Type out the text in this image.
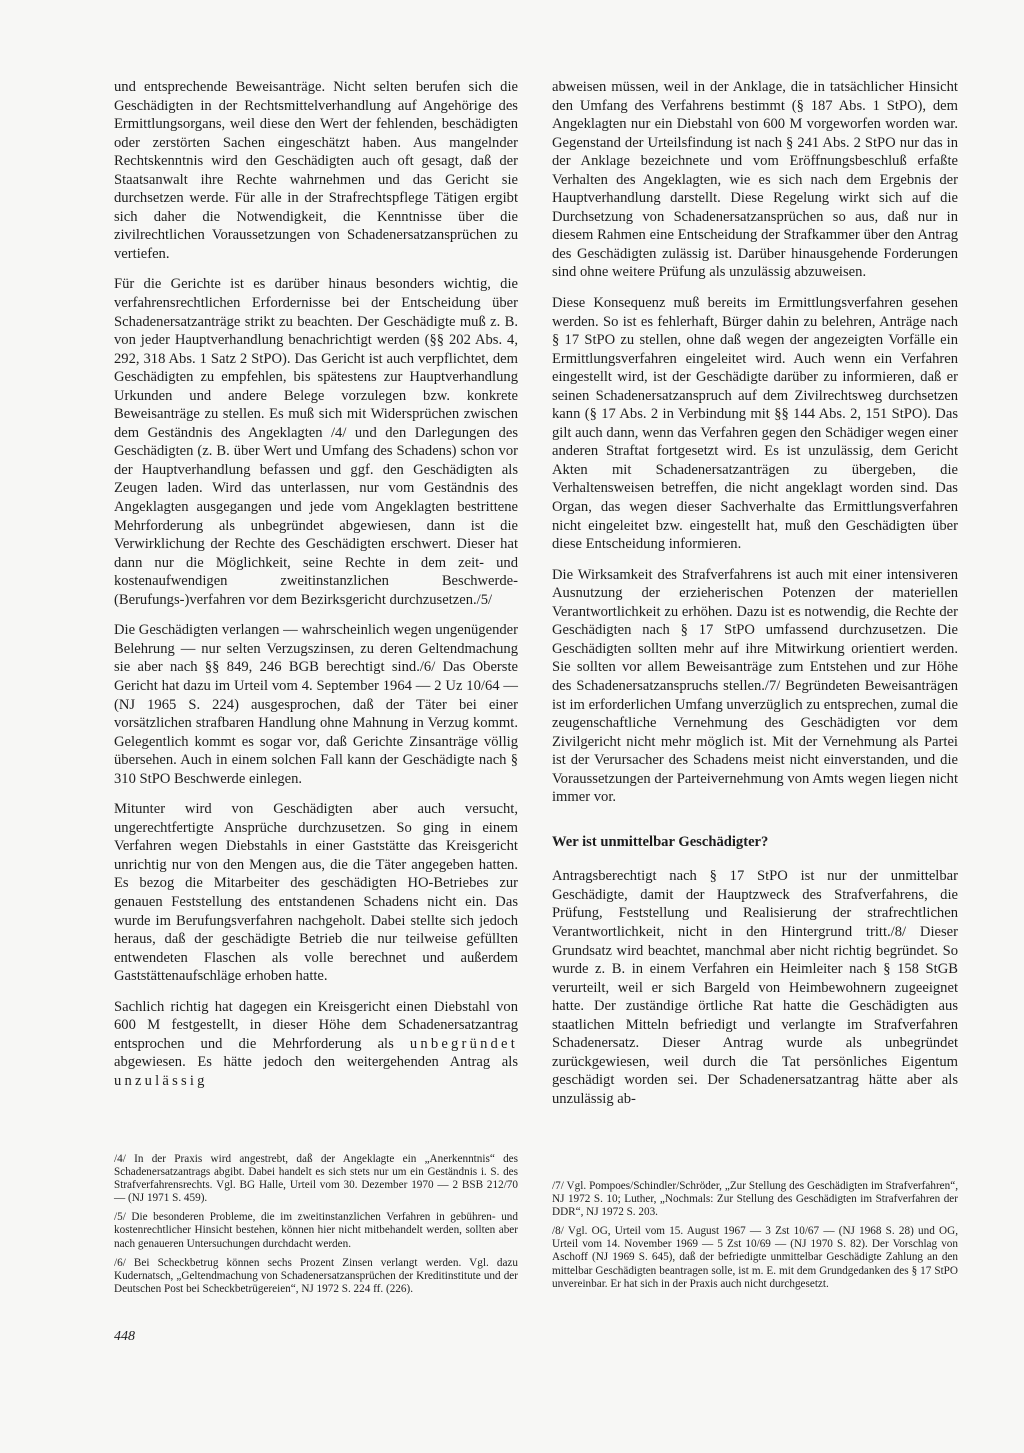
und entsprechende Beweisanträge. Nicht selten berufen sich die Geschädigten in der Rechtsmittelverhandlung auf Angehörige des Ermittlungsorgans, weil diese den Wert der fehlenden, beschädigten oder zerstörten Sachen eingeschätzt haben. Aus mangelnder Rechtskenntnis wird den Geschädigten auch oft gesagt, daß der Staatsanwalt ihre Rechte wahrnehmen und das Gericht sie durchsetzen werde. Für alle in der Strafrechtspflege Tätigen ergibt sich daher die Notwendigkeit, die Kenntnisse über die zivilrechtlichen Voraussetzungen von Schadenersatzansprüchen zu vertiefen.

Für die Gerichte ist es darüber hinaus besonders wichtig, die verfahrensrechtlichen Erfordernisse bei der Entscheidung über Schadenersatzanträge strikt zu beachten. Der Geschädigte muß z. B. von jeder Hauptverhandlung benachrichtigt werden (§§ 202 Abs. 4, 292, 318 Abs. 1 Satz 2 StPO). Das Gericht ist auch verpflichtet, dem Geschädigten zu empfehlen, bis spätestens zur Hauptverhandlung Urkunden und andere Belege vorzulegen bzw. konkrete Beweisanträge zu stellen. Es muß sich mit Widersprüchen zwischen dem Geständnis des Angeklagten /4/ und den Darlegungen des Geschädigten (z. B. über Wert und Umfang des Schadens) schon vor der Hauptverhandlung befassen und ggf. den Geschädigten als Zeugen laden. Wird das unterlassen, nur vom Geständnis des Angeklagten ausgegangen und jede vom Angeklagten bestrittene Mehrforderung als unbegründet abgewiesen, dann ist die Verwirklichung der Rechte des Geschädigten erschwert. Dieser hat dann nur die Möglichkeit, seine Rechte in dem zeit- und kostenaufwendigen zweitinstanzlichen Beschwerde-(Berufungs-)verfahren vor dem Bezirksgericht durchzusetzen./5/

Die Geschädigten verlangen — wahrscheinlich wegen ungenügender Belehrung — nur selten Verzugszinsen, zu deren Geltendmachung sie aber nach §§ 849, 246 BGB berechtigt sind./6/ Das Oberste Gericht hat dazu im Urteil vom 4. September 1964 — 2 Uz 10/64 — (NJ 1965 S. 224) ausgesprochen, daß der Täter bei einer vorsätzlichen strafbaren Handlung ohne Mahnung in Verzug kommt. Gelegentlich kommt es sogar vor, daß Gerichte Zinsanträge völlig übersehen. Auch in einem solchen Fall kann der Geschädigte nach § 310 StPO Beschwerde einlegen.

Mitunter wird von Geschädigten aber auch versucht, ungerechtfertigte Ansprüche durchzusetzen. So ging in einem Verfahren wegen Diebstahls in einer Gaststätte das Kreisgericht unrichtig nur von den Mengen aus, die die Täter angegeben hatten. Es bezog die Mitarbeiter des geschädigten HO-Betriebes zur genauen Feststellung des entstandenen Schadens nicht ein. Das wurde im Berufungsverfahren nachgeholt. Dabei stellte sich jedoch heraus, daß der geschädigte Betrieb die nur teilweise gefüllten entwendeten Flaschen als volle berechnet und außerdem Gaststättenaufschläge erhoben hatte.

Sachlich richtig hat dagegen ein Kreisgericht einen Diebstahl von 600 M festgestellt, in dieser Höhe dem Schadenersatzantrag entsprochen und die Mehrforderung als unbegründet abgewiesen. Es hätte jedoch den weitergehenden Antrag als unzulässig

abweisen müssen, weil in der Anklage, die in tatsächlicher Hinsicht den Umfang des Verfahrens bestimmt (§ 187 Abs. 1 StPO), dem Angeklagten nur ein Diebstahl von 600 M vorgeworfen worden war. Gegenstand der Urteilsfindung ist nach § 241 Abs. 2 StPO nur das in der Anklage bezeichnete und vom Eröffnungsbeschluß erfaßte Verhalten des Angeklagten, wie es sich nach dem Ergebnis der Hauptverhandlung darstellt. Diese Regelung wirkt sich auf die Durchsetzung von Schadenersatzansprüchen so aus, daß nur in diesem Rahmen eine Entscheidung der Strafkammer über den Antrag des Geschädigten zulässig ist. Darüber hinausgehende Forderungen sind ohne weitere Prüfung als unzulässig abzuweisen.

Diese Konsequenz muß bereits im Ermittlungsverfahren gesehen werden. So ist es fehlerhaft, Bürger dahin zu belehren, Anträge nach § 17 StPO zu stellen, ohne daß wegen der angezeigten Vorfälle ein Ermittlungsverfahren eingeleitet wird. Auch wenn ein Verfahren eingestellt wird, ist der Geschädigte darüber zu informieren, daß er seinen Schadenersatzanspruch auf dem Zivilrechtsweg durchsetzen kann (§ 17 Abs. 2 in Verbindung mit §§ 144 Abs. 2, 151 StPO). Das gilt auch dann, wenn das Verfahren gegen den Schädiger wegen einer anderen Straftat fortgesetzt wird. Es ist unzulässig, dem Gericht Akten mit Schadenersatzanträgen zu übergeben, die Verhaltensweisen betreffen, die nicht angeklagt worden sind. Das Organ, das wegen dieser Sachverhalte das Ermittlungsverfahren nicht eingeleitet bzw. eingestellt hat, muß den Geschädigten über diese Entscheidung informieren.

Die Wirksamkeit des Strafverfahrens ist auch mit einer intensiveren Ausnutzung der erzieherischen Potenzen der materiellen Verantwortlichkeit zu erhöhen. Dazu ist es notwendig, die Rechte der Geschädigten nach § 17 StPO umfassend durchzusetzen. Die Geschädigten sollten mehr auf ihre Mitwirkung orientiert werden. Sie sollten vor allem Beweisanträge zum Entstehen und zur Höhe des Schadenersatzanspruchs stellen./7/ Begründeten Beweisanträgen ist im erforderlichen Umfang unverzüglich zu entsprechen, zumal die zeugenschaftliche Vernehmung des Geschädigten vor dem Zivilgericht nicht mehr möglich ist. Mit der Vernehmung als Partei ist der Verursacher des Schadens meist nicht einverstanden, und die Voraussetzungen der Parteivernehmung von Amts wegen liegen nicht immer vor.

Wer ist unmittelbar Geschädigter?

Antragsberechtigt nach § 17 StPO ist nur der unmittelbar Geschädigte, damit der Hauptzweck des Strafverfahrens, die Prüfung, Feststellung und Realisierung der strafrechtlichen Verantwortlichkeit, nicht in den Hintergrund tritt./8/ Dieser Grundsatz wird beachtet, manchmal aber nicht richtig begründet. So wurde z. B. in einem Verfahren ein Heimleiter nach § 158 StGB verurteilt, weil er sich Bargeld von Heimbewohnern zugeeignet hatte. Der zuständige örtliche Rat hatte die Geschädigten aus staatlichen Mitteln befriedigt und verlangte im Strafverfahren Schadenersatz. Dieser Antrag wurde als unbegründet zurückgewiesen, weil durch die Tat persönliches Eigentum geschädigt worden sei. Der Schadenersatzantrag hätte aber als unzulässig ab-

/4/ In der Praxis wird angestrebt, daß der Angeklagte ein „Anerkenntnis“ des Schadenersatzantrags abgibt. Dabei handelt es sich stets nur um ein Geständnis i. S. des Strafverfahrensrechts. Vgl. BG Halle, Urteil vom 30. Dezember 1970 — 2 BSB 212/70 — (NJ 1971 S. 459).

/5/ Die besonderen Probleme, die im zweitinstanzlichen Verfahren in gebühren- und kostenrechtlicher Hinsicht bestehen, können hier nicht mitbehandelt werden, sollten aber nach genaueren Untersuchungen durchdacht werden.

/6/ Bei Scheckbetrug können sechs Prozent Zinsen verlangt werden. Vgl. dazu Kudernatsch, „Geltendmachung von Schadenersatzansprüchen der Kreditinstitute und der Deutschen Post bei Scheckbetrügereien“, NJ 1972 S. 224 ff. (226).

/7/ Vgl. Pompoes/Schindler/Schröder, „Zur Stellung des Geschädigten im Strafverfahren“, NJ 1972 S. 10; Luther, „Nochmals: Zur Stellung des Geschädigten im Strafverfahren der DDR“, NJ 1972 S. 203.

/8/ Vgl. OG, Urteil vom 15. August 1967 — 3 Zst 10/67 — (NJ 1968 S. 28) und OG, Urteil vom 14. November 1969 — 5 Zst 10/69 — (NJ 1970 S. 82). Der Vorschlag von Aschoff (NJ 1969 S. 645), daß der befriedigte unmittelbar Geschädigte Zahlung an den mittelbar Geschädigten beantragen solle, ist m. E. mit dem Grundgedanken des § 17 StPO unvereinbar. Er hat sich in der Praxis auch nicht durchgesetzt.

448
